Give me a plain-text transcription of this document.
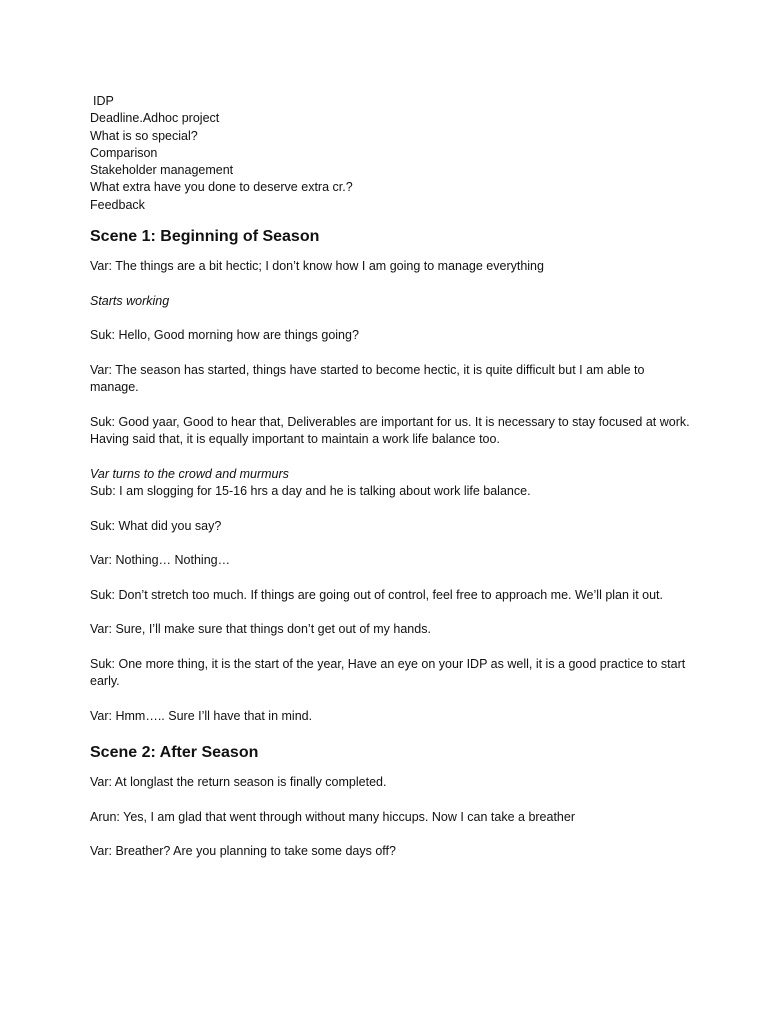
IDP
Deadline.Adhoc project
What is so special?
Comparison
Stakeholder management
What extra have you done to deserve extra cr.?
Feedback
Scene 1: Beginning of Season

Var: The things are a bit hectic; I don’t know how I am going to manage everything

Starts working

Suk: Hello, Good morning how are things going?

Var: The season has started, things have started to become hectic, it is quite difficult but I am able to manage.

Suk: Good yaar, Good to hear that, Deliverables are important for us. It is necessary to stay focused at work. Having said that, it is equally important to maintain a work life balance too.

Var turns to the crowd and murmurs

Sub: I am slogging for 15-16 hrs a day and he is talking about work life balance.

Suk: What did you say?

Var: Nothing… Nothing…

Suk: Don’t stretch too much. If things are going out of control, feel free to approach me. We’ll plan it out.

Var: Sure, I’ll make sure that things don’t get out of my hands.

Suk: One more thing, it is the start of the year, Have an eye on your IDP as well, it is a good practice to start early.

Var: Hmm….. Sure I’ll have that in mind.

Scene 2: After Season

Var: At longlast the return season is finally completed.

Arun: Yes, I am glad that went through without many hiccups. Now I can take a breather

Var: Breather? Are you planning to take some days off?
